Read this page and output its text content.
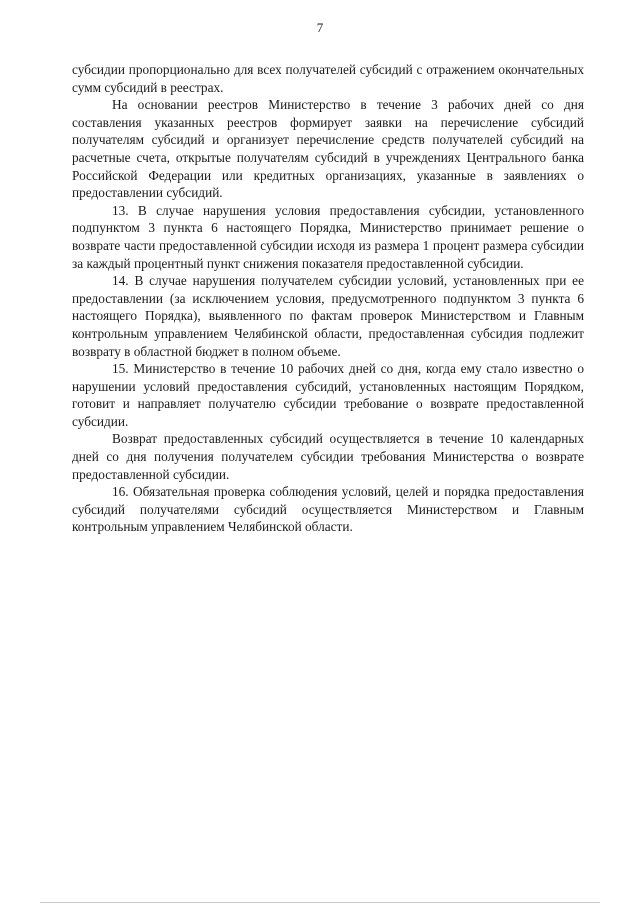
7

субсидии пропорционально для всех получателей субсидий с отражением окончательных сумм субсидий в реестрах.

На основании реестров Министерство в течение 3 рабочих дней со дня составления указанных реестров формирует заявки на перечисление субсидий получателям субсидий и организует перечисление средств получателей субсидий на расчетные счета, открытые получателям субсидий в учреждениях Центрального банка Российской Федерации или кредитных организациях, указанные в заявлениях о предоставлении субсидий.

13. В случае нарушения условия предоставления субсидии, установленного подпунктом 3 пункта 6 настоящего Порядка, Министерство принимает решение о возврате части предоставленной субсидии исходя из размера 1 процент размера субсидии за каждый процентный пункт снижения показателя предоставленной субсидии.

14. В случае нарушения получателем субсидии условий, установленных при ее предоставлении (за исключением условия, предусмотренного подпунктом 3 пункта 6 настоящего Порядка), выявленного по фактам проверок Министерством и Главным контрольным управлением Челябинской области, предоставленная субсидия подлежит возврату в областной бюджет в полном объеме.

15. Министерство в течение 10 рабочих дней со дня, когда ему стало известно о нарушении условий предоставления субсидий, установленных настоящим Порядком, готовит и направляет получателю субсидии требование о возврате предоставленной субсидии.

Возврат предоставленных субсидий осуществляется в течение 10 календарных дней со дня получения получателем субсидии требования Министерства о возврате предоставленной субсидии.

16. Обязательная проверка соблюдения условий, целей и порядка предоставления субсидий получателями субсидий осуществляется Министерством и Главным контрольным управлением Челябинской области.
